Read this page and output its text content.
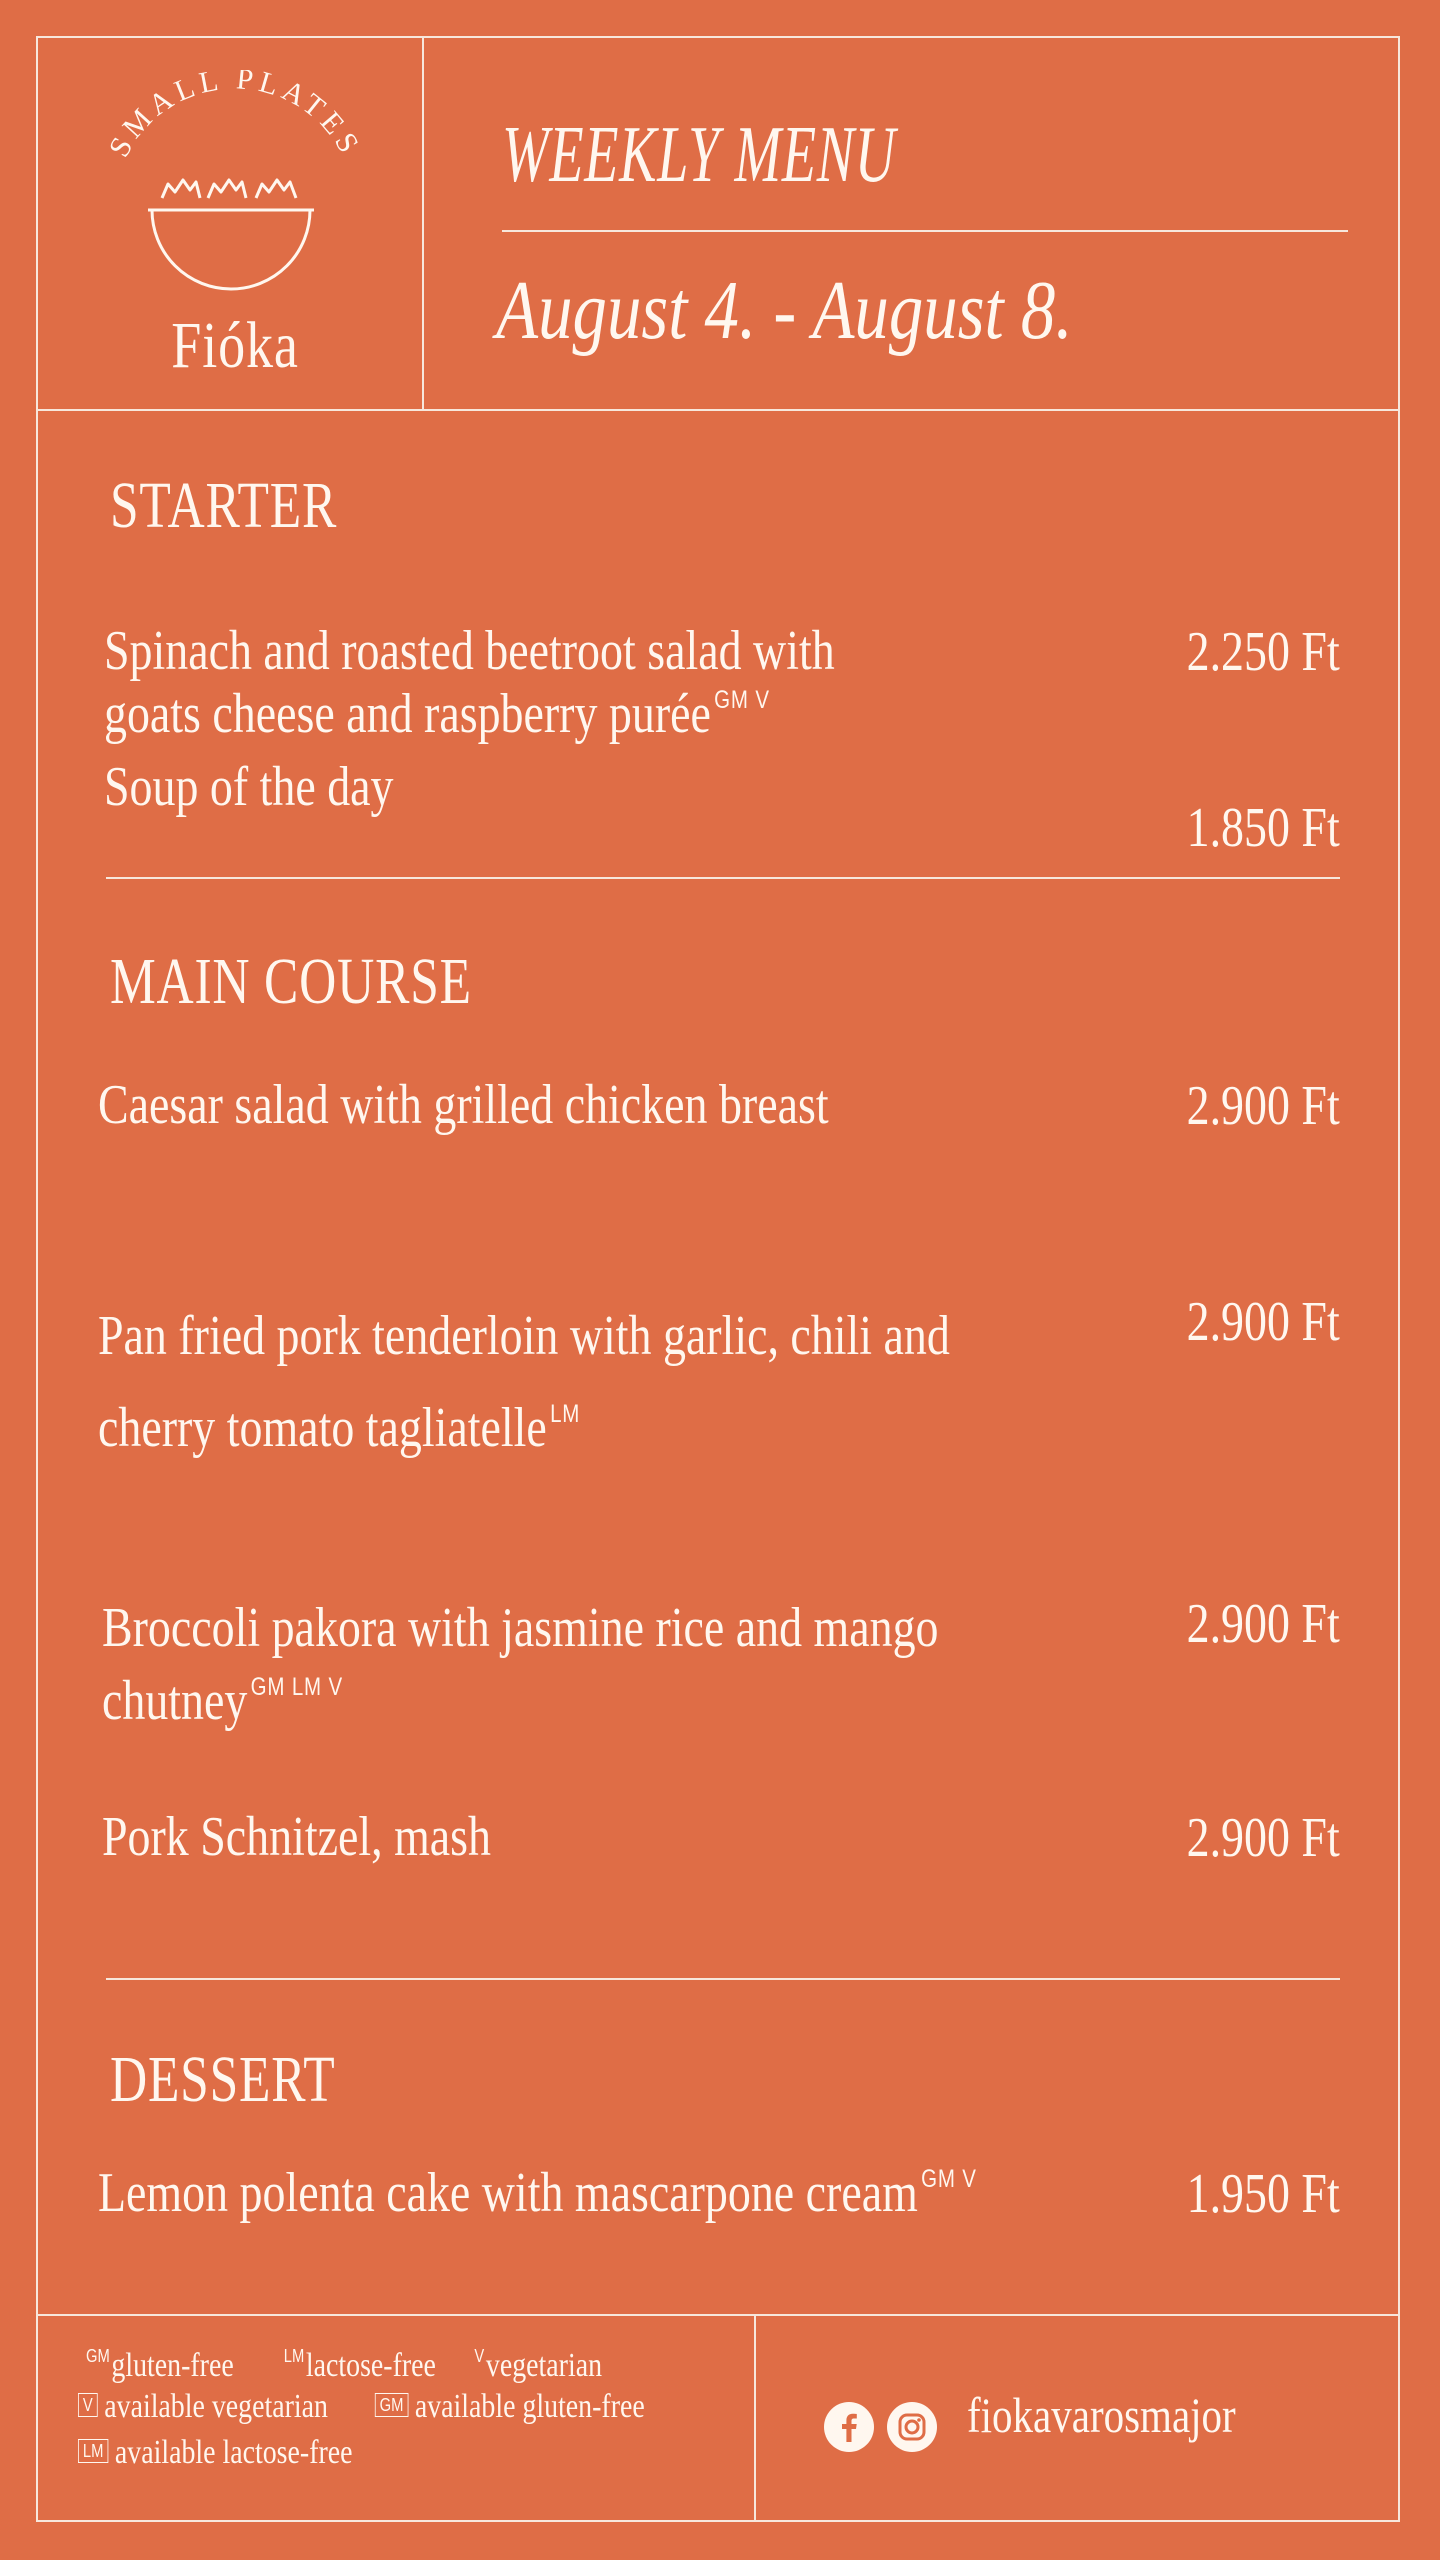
SMALL PLATES
Fióka
WEEKLY MENU
August 4. - August 8.
STARTER
Spinach and roasted beetroot salad with
goats cheese and raspberry purée $^{GM V}$
2.250 Ft
Soup of the day
1.850 Ft
MAIN COURSE
Caesar salad with grilled chicken breast	2.900 Ft
Pan fried pork tenderloin with garlic, chili and
cherry tomato tagliatelle $^{LM}$
2.900 Ft
Broccoli pakora with jasmine rice and mango
chutney $^{GM LM V}$
2.900 Ft
Pork Schnitzel, mash	2.900 Ft
DESSERT
Lemon polenta cake with mascarpone cream $^{GM V}$	1.950 Ft
$^{GM}$gluten-free	$^{LM}$lactose-free $^V$vegetarian
V available vegetarian	GM available gluten-free
LM available lactose-free
fiokavarosmajor
